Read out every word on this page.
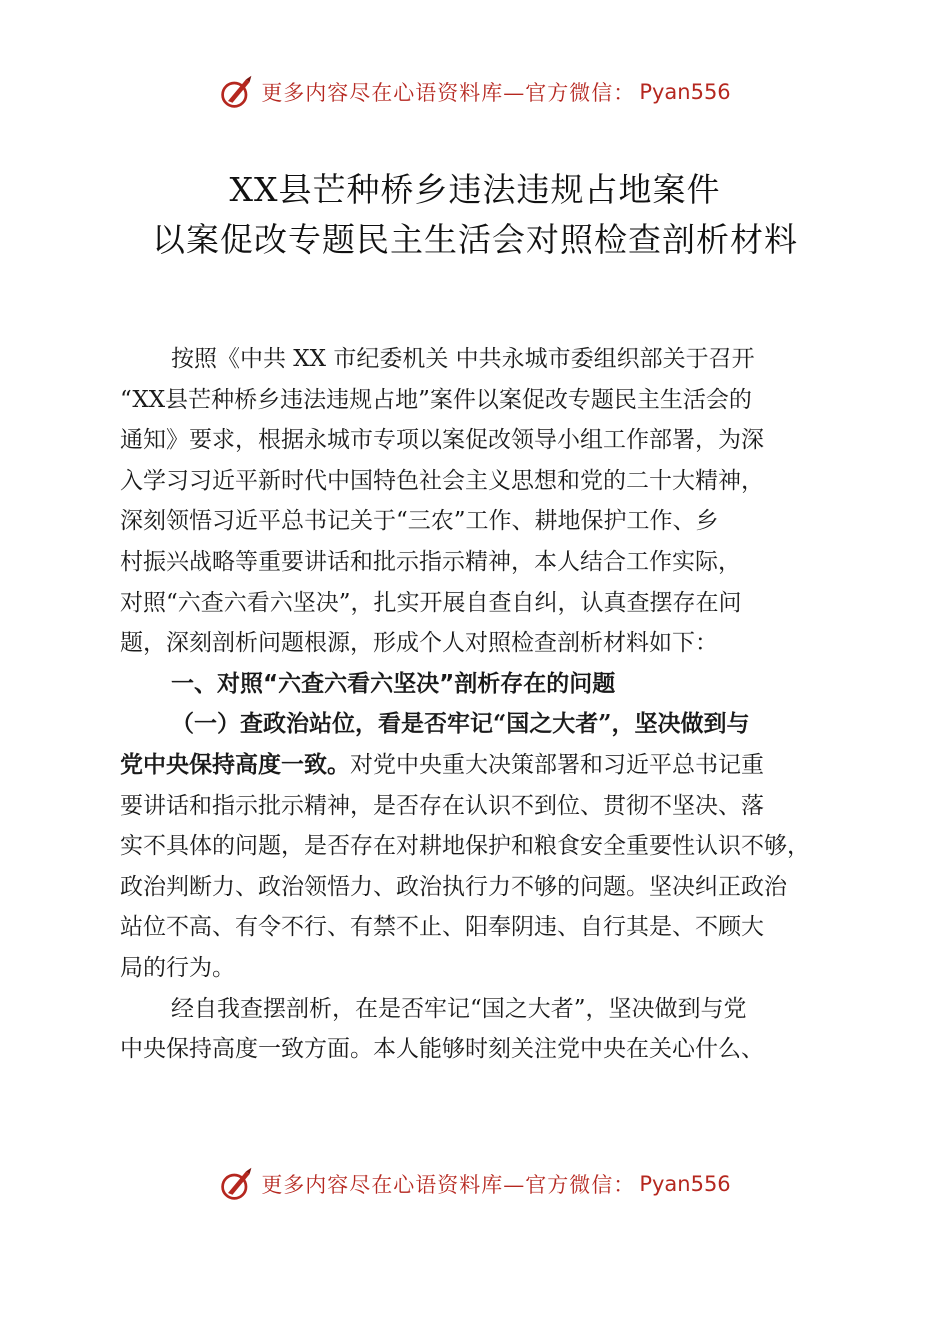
更多内容尽在心语资料库—官方微信： Pyan556
XX县芒种桥乡违法违规占地案件
以案促改专题民主生活会对照检查剖析材料
按照《中共 XX 市纪委机关 中共永城市委组织部关于召开
“XX县芒种桥乡违法违规占地”案件以案促改专题民主生活会的
通知》要求，根据永城市专项以案促改领导小组工作部署，为深
入学习习近平新时代中国特色社会主义思想和党的二十大精神，
深刻领悟习近平总书记关于“三农”工作、耕地保护工作、乡
村振兴战略等重要讲话和批示指示精神，本人结合工作实际，
对照“六查六看六坚决”，扎实开展自查自纠，认真查摆存在问
题，深刻剖析问题根源，形成个人对照检查剖析材料如下：
一、对照“六查六看六坚决”剖析存在的问题
（一）查政治站位，看是否牢记“国之大者”，坚决做到与
党中央保持高度一致。对党中央重大决策部署和习近平总书记重
要讲话和指示批示精神，是否存在认识不到位、贯彻不坚决、落
实不具体的问题，是否存在对耕地保护和粮食安全重要性认识不够，
政治判断力、政治领悟力、政治执行力不够的问题。坚决纠正政治
站位不高、有令不行、有禁不止、阳奉阴违、自行其是、不顾大
局的行为。
经自我查摆剖析，在是否牢记“国之大者”，坚决做到与党
中央保持高度一致方面。本人能够时刻关注党中央在关心什么、
更多内容尽在心语资料库—官方微信： Pyan556
